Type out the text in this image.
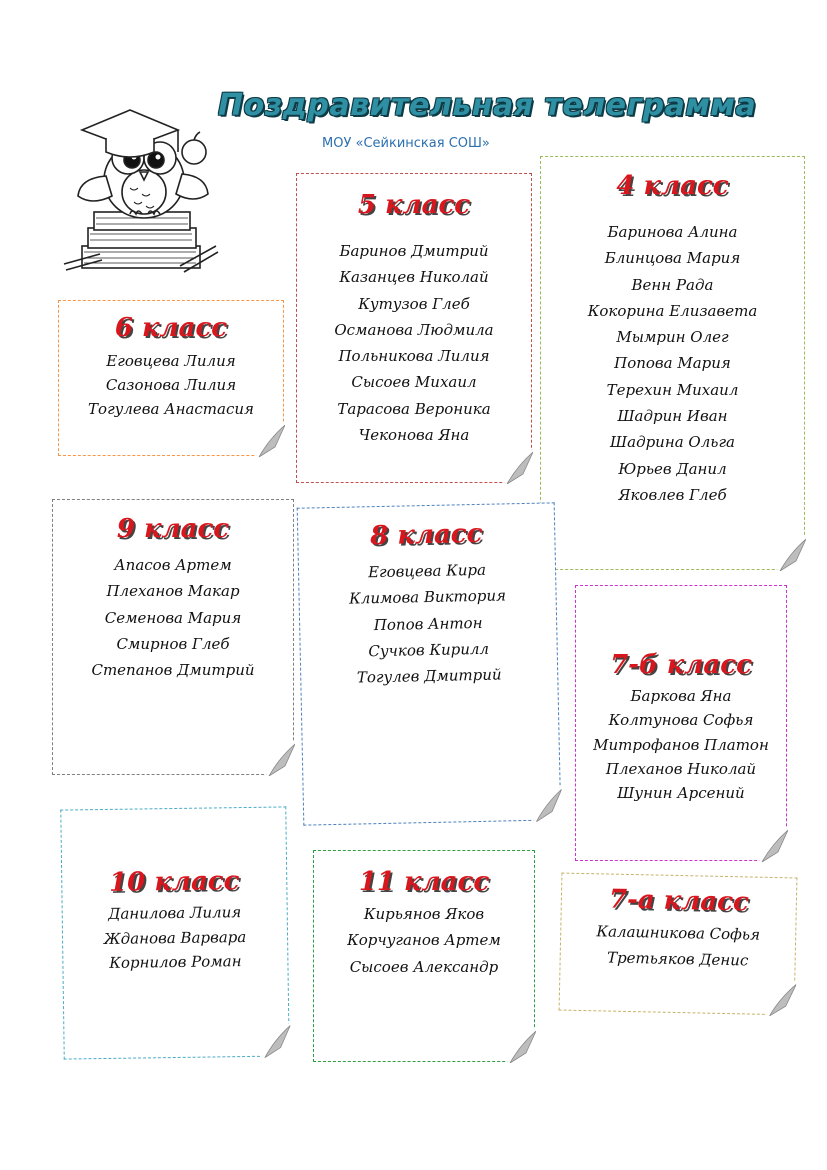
Поздравительная телеграмма
МОУ «Сейкинская СОШ»
5 класс
Баринов Дмитрий
Казанцев Николай
Кутузов Глеб
Османова Людмила
Польникова Лилия
Сысоев Михаил
Тарасова Вероника
Чеконова Яна
4 класс
Баринова Алина
Блинцова Мария
Венн Рада
Кокорина Елизавета
Мымрин Олег
Попова Мария
Терехин Михаил
Шадрин Иван
Шадрина Ольга
Юрьев Данил
Яковлев Глеб
6 класс
Еговцева Лилия
Сазонова Лилия
Тогулева Анастасия
9 класс
Апасов Артем
Плеханов Макар
Семенова Мария
Смирнов Глеб
Степанов Дмитрий
8 класс
Еговцева Кира
Климова Виктория
Попов Антон
Сучков Кирилл
Тогулев Дмитрий	7-б класс
Баркова Яна
Колтунова Софья
Митрофанов Платон
Плеханов Николай
Шунин Арсений
10 класс
Данилова Лилия
Жданова Варвара
Корнилов Роман
11 класс
Кирьянов Яков
Корчуганов Артем
Сысоев Александр
7-а класс
Калашникова Софья
Третьяков Денис
